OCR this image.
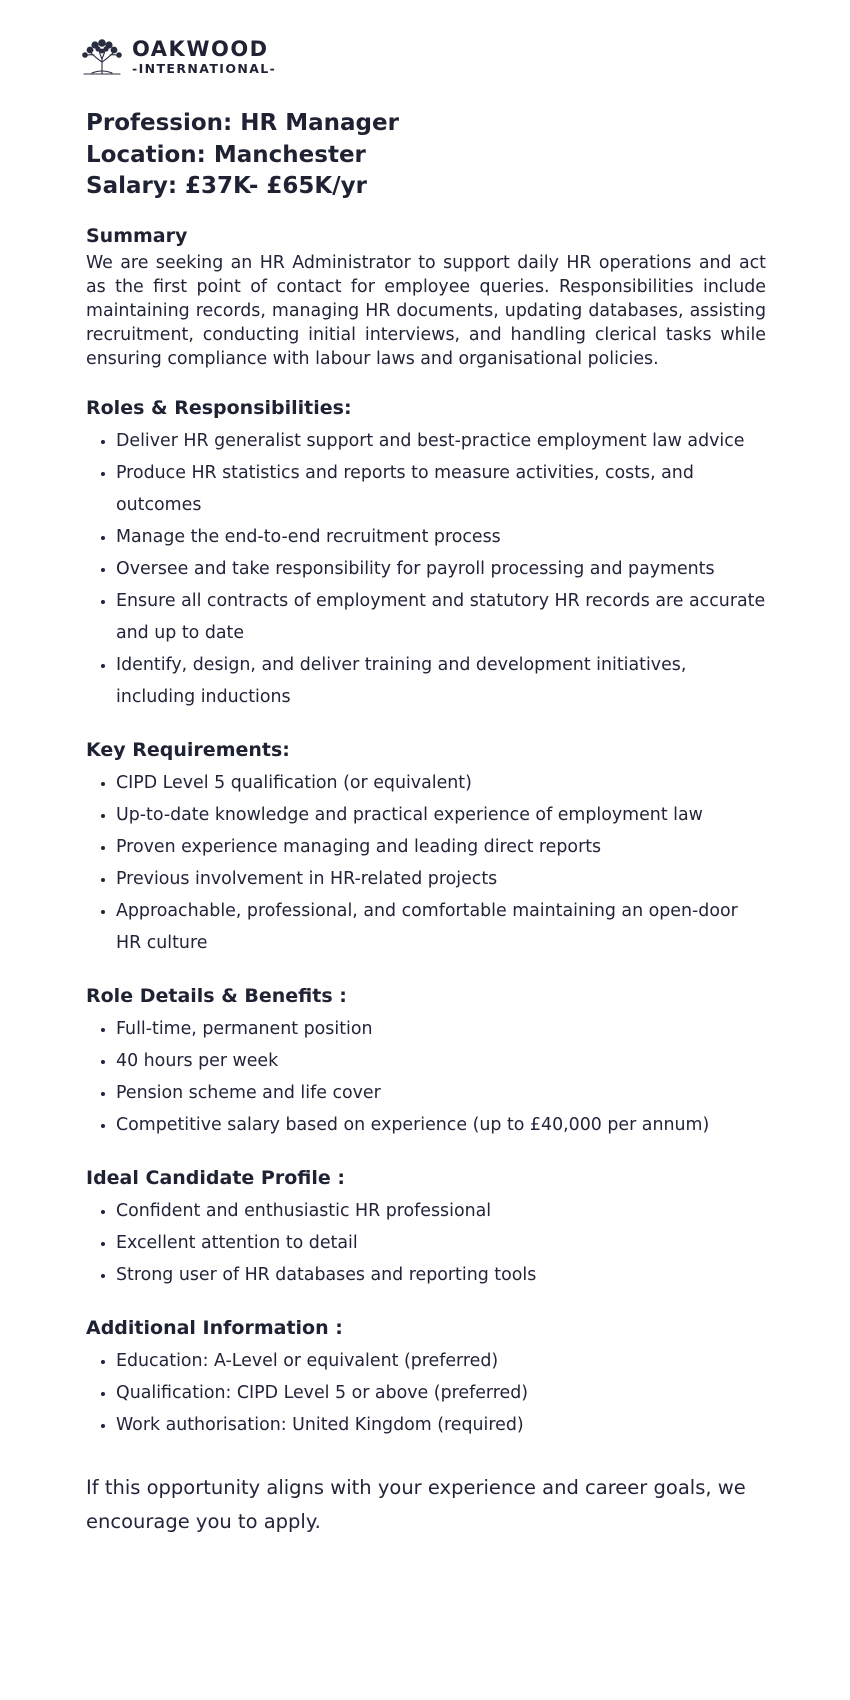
OAKWOOD
-INTERNATIONAL-

Profession: HR Manager

Location: Manchester

Salary: £37K- £65K/yr

Summary

We are seeking an HR Administrator to support daily HR operations and act as the first point of contact for employee queries. Responsibilities include maintaining records, managing HR documents, updating databases, assisting recruitment, conducting initial interviews, and handling clerical tasks while ensuring compliance with labour laws and organisational policies.

Roles & Responsibilities:
• Deliver HR generalist support and best-practice employment law advice
• Produce HR statistics and reports to measure activities, costs, and outcomes
• Manage the end-to-end recruitment process
• Oversee and take responsibility for payroll processing and payments
• Ensure all contracts of employment and statutory HR records are accurate and up to date
• Identify, design, and deliver training and development initiatives, including inductions
Key Requirements:
• CIPD Level 5 qualification (or equivalent)
• Up-to-date knowledge and practical experience of employment law
• Proven experience managing and leading direct reports
• Previous involvement in HR-related projects
• Approachable, professional, and comfortable maintaining an open-door HR culture
Role Details & Benefits :
• Full-time, permanent position
• 40 hours per week
• Pension scheme and life cover
• Competitive salary based on experience (up to £40,000 per annum)
Ideal Candidate Profile :
• Confident and enthusiastic HR professional
• Excellent attention to detail
• Strong user of HR databases and reporting tools
Additional Information :
• Education: A-Level or equivalent (preferred)
• Qualification: CIPD Level 5 or above (preferred)
• Work authorisation: United Kingdom (required)

If this opportunity aligns with your experience and career goals, we encourage you to apply.
